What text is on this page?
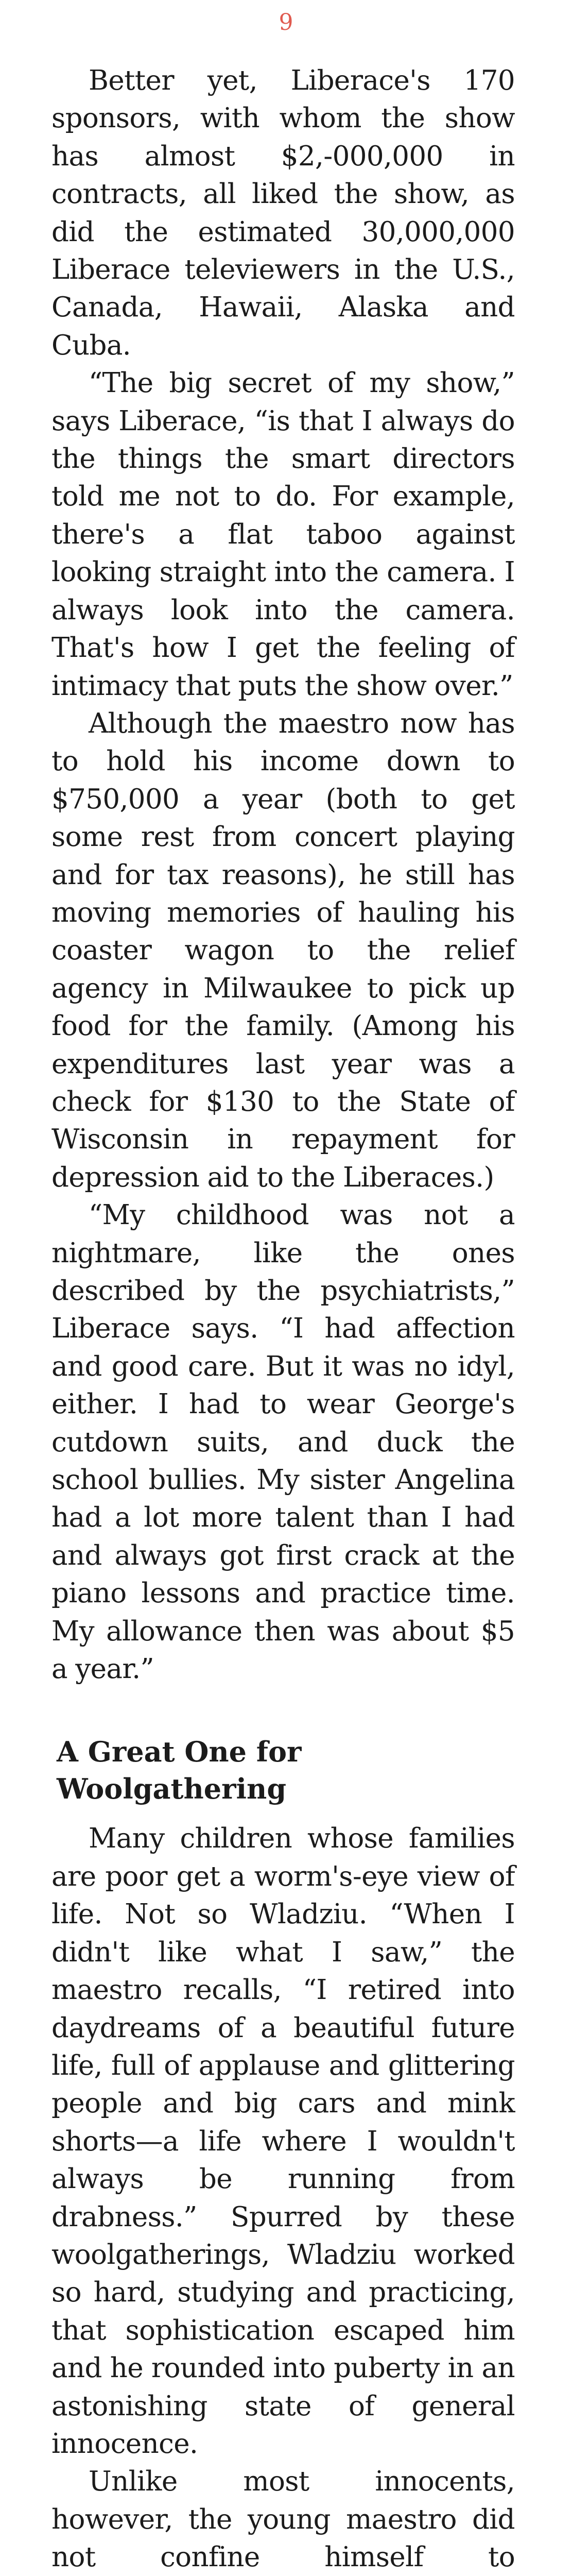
9

Better yet, Liberace's 170 sponsors, with whom the show has almost $2,-000,000 in contracts, all liked the show, as did the estimated 30,000,000 Liberace televiewers in the U.S., Canada, Hawaii, Alaska and Cuba.

“The big secret of my show,” says Liberace, “is that I always do the things the smart directors told me not to do. For example, there's a flat taboo against looking straight into the camera. I always look into the camera. That's how I get the feeling of intimacy that puts the show over.”

Although the maestro now has to hold his income down to $750,000 a year (both to get some rest from concert playing and for tax reasons), he still has moving memories of hauling his coaster wagon to the relief agency in Milwaukee to pick up food for the family. (Among his expenditures last year was a check for $130 to the State of Wisconsin in repayment for depression aid to the Liberaces.)

“My childhood was not a nightmare, like the ones described by the psychiatrists,” Liberace says. “I had affection and good care. But it was no idyl, either. I had to wear George's cutdown suits, and duck the school bullies. My sister Angelina had a lot more talent than I had and always got first crack at the piano lessons and practice time. My allowance then was about $5 a year.”

A Great One for Woolgathering

Many children whose families are poor get a worm's-eye view of life. Not so Wladziu. “When I didn't like what I saw,” the maestro recalls, “I retired into daydreams of a beautiful future life, full of applause and glittering people and big cars and mink shorts—a life where I wouldn't always be running from drabness.” Spurred by these woolgatherings, Wladziu worked so hard, studying and practicing, that sophistication escaped him and he rounded into puberty in an astonishing state of general innocence.

Unlike most innocents, however, the young maestro did not confine himself to
